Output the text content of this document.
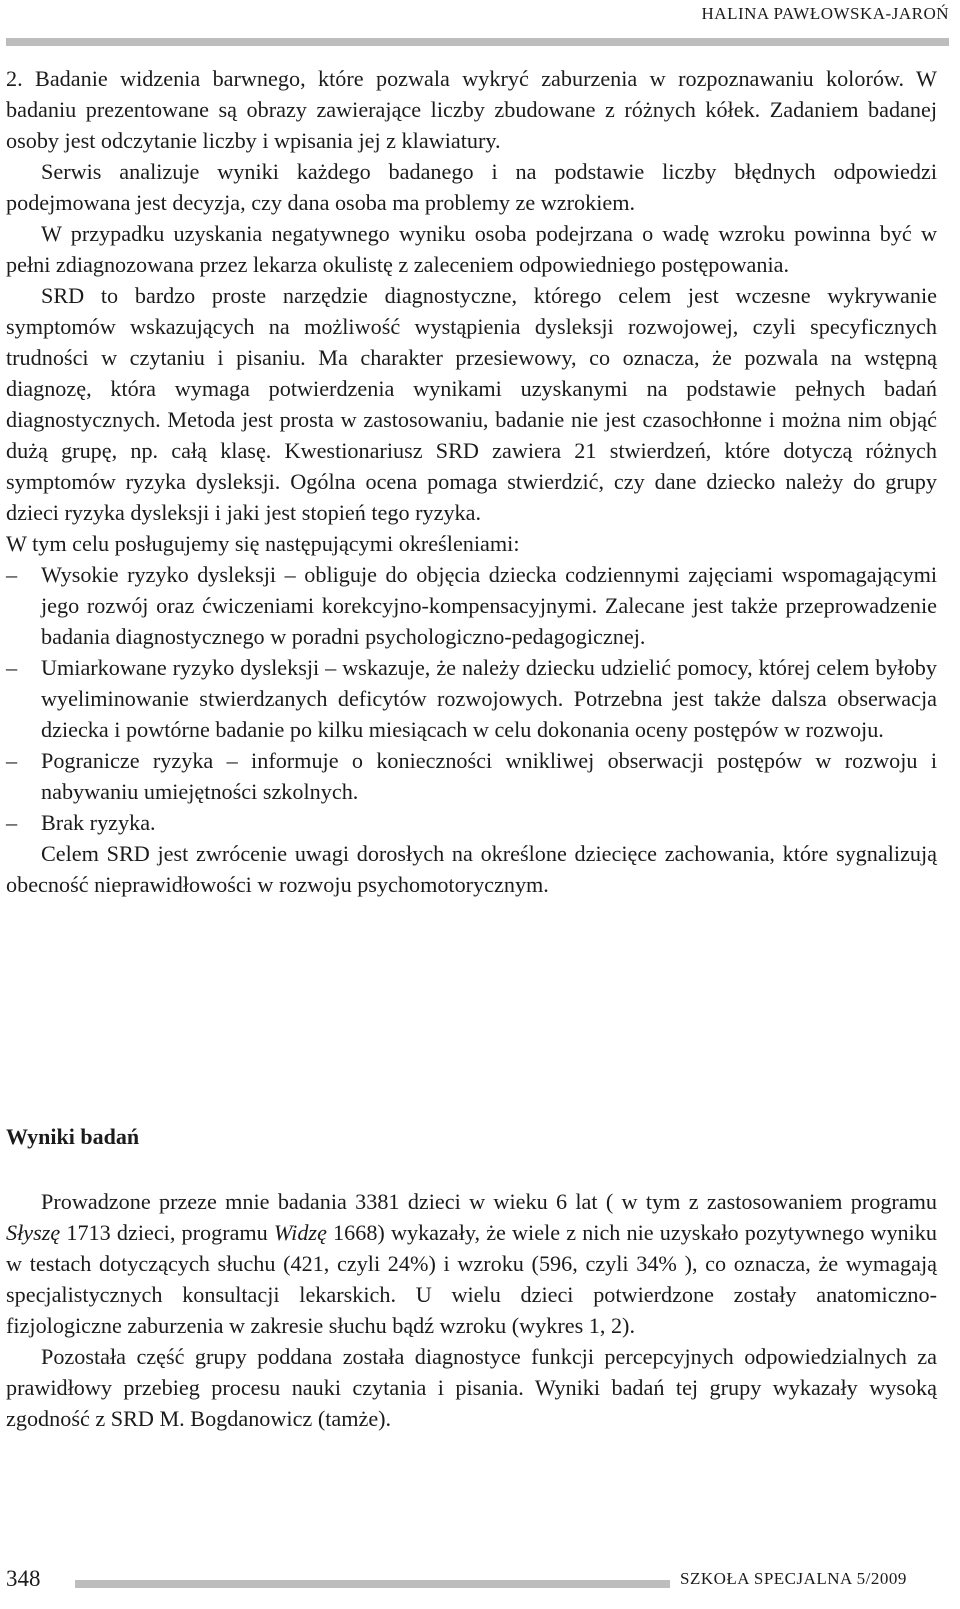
HALINA PAWŁOWSKA-JAROŃ

2. Badanie widzenia barwnego, które pozwala wykryć zaburzenia w rozpoznawaniu kolorów. W badaniu prezentowane są obrazy zawierające liczby zbudowane z różnych kółek. Zadaniem badanej osoby jest odczytanie liczby i wpisania jej z klawiatury.

Serwis analizuje wyniki każdego badanego i na podstawie liczby błędnych odpowiedzi podejmowana jest decyzja, czy dana osoba ma problemy ze wzrokiem.

W przypadku uzyskania negatywnego wyniku osoba podejrzana o wadę wzroku powinna być w pełni zdiagnozowana przez lekarza okulistę z zaleceniem odpowiedniego postępowania.

SRD to bardzo proste narzędzie diagnostyczne, którego celem jest wczesne wykrywanie symptomów wskazujących na możliwość wystąpienia dysleksji rozwojowej, czyli specyficznych trudności w czytaniu i pisaniu. Ma charakter przesiewowy, co oznacza, że pozwala na wstępną diagnozę, która wymaga potwierdzenia wynikami uzyskanymi na podstawie pełnych badań diagnostycznych. Metoda jest prosta w zastosowaniu, badanie nie jest czasochłonne i można nim objąć dużą grupę, np. całą klasę. Kwestionariusz SRD zawiera 21 stwierdzeń, które dotyczą różnych symptomów ryzyka dysleksji. Ogólna ocena pomaga stwierdzić, czy dane dziecko należy do grupy dzieci ryzyka dysleksji i jaki jest stopień tego ryzyka.

W tym celu posługujemy się następującymi określeniami:

– Wysokie ryzyko dysleksji – obliguje do objęcia dziecka codziennymi zajęciami wspomagającymi jego rozwój oraz ćwiczeniami korekcyjno-kompensacyjnymi. Zalecane jest także przeprowadzenie badania diagnostycznego w poradni psychologiczno-pedagogicznej.
– Umiarkowane ryzyko dysleksji – wskazuje, że należy dziecku udzielić pomocy, której celem byłoby wyeliminowanie stwierdzanych deficytów rozwojowych. Potrzebna jest także dalsza obserwacja dziecka i powtórne badanie po kilku miesiącach w celu dokonania oceny postępów w rozwoju.
– Pogranicze ryzyka – informuje o konieczności wnikliwej obserwacji postępów w rozwoju i nabywaniu umiejętności szkolnych.
– Brak ryzyka.

Celem SRD jest zwrócenie uwagi dorosłych na określone dziecięce zachowania, które sygnalizują obecność nieprawidłowości w rozwoju psychomotorycznym.

Wyniki badań

Prowadzone przeze mnie badania 3381 dzieci w wieku 6 lat ( w tym z zastosowaniem programu Słyszę 1713 dzieci, programu Widzę 1668) wykazały, że wiele z nich nie uzyskało pozytywnego wyniku w testach dotyczących słuchu (421, czyli 24%) i wzroku (596, czyli 34% ), co oznacza, że wymagają specjalistycznych konsultacji lekarskich. U wielu dzieci potwierdzone zostały anatomiczno-fizjologiczne zaburzenia w zakresie słuchu bądź wzroku (wykres 1, 2).

Pozostała część grupy poddana została diagnostyce funkcji percepcyjnych odpowiedzialnych za prawidłowy przebieg procesu nauki czytania i pisania. Wyniki badań tej grupy wykazały wysoką zgodność z SRD M. Bogdanowicz (tamże).

348	SZKOŁA SPECJALNA 5/2009
